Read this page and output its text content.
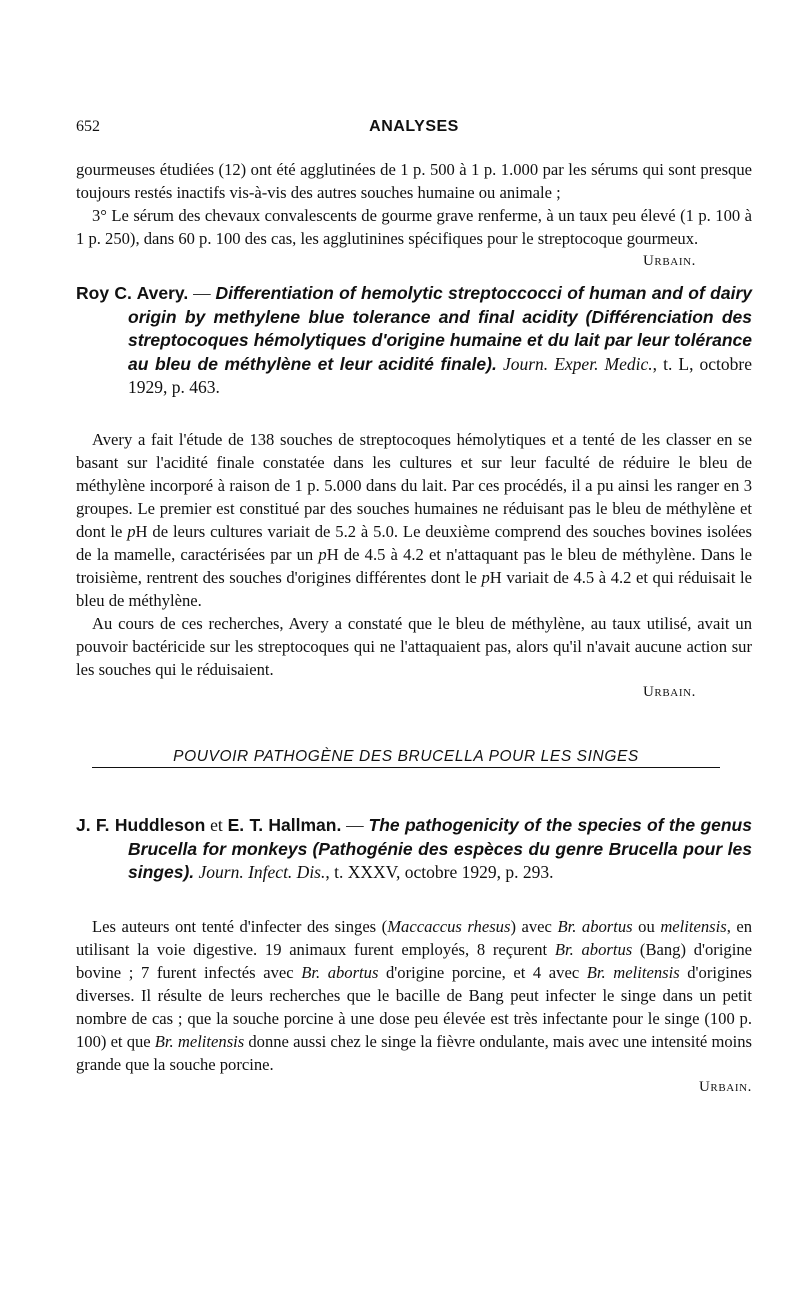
652	ANALYSES

gourmeuses étudiées (12) ont été agglutinées de 1 p. 500 à 1 p. 1.000 par les sérums qui sont presque toujours restés inactifs vis-à-vis des autres souches humaine ou animale ;

3° Le sérum des chevaux convalescents de gourme grave renferme, à un taux peu élevé (1 p. 100 à 1 p. 250), dans 60 p. 100 des cas, les agglutinines spécifiques pour le streptocoque gourmeux.
Urbain.

Roy C. Avery. — Differentiation of hemolytic streptoccocci of human and of dairy origin by methylene blue tolerance and final acidity (Différenciation des streptocoques hémolytiques d'origine humaine et du lait par leur tolérance au bleu de méthylène et leur acidité finale). Journ. Exper. Medic., t. L, octobre 1929, p. 463.

Avery a fait l'étude de 138 souches de streptocoques hémolytiques et a tenté de les classer en se basant sur l'acidité finale constatée dans les cultures et sur leur faculté de réduire le bleu de méthylène incorporé à raison de 1 p. 5.000 dans du lait. Par ces procédés, il a pu ainsi les ranger en 3 groupes. Le premier est constitué par des souches humaines ne réduisant pas le bleu de méthylène et dont le pH de leurs cultures variait de 5.2 à 5.0. Le deuxième comprend des souches bovines isolées de la mamelle, caractérisées par un pH de 4.5 à 4.2 et n'attaquant pas le bleu de méthylène. Dans le troisième, rentrent des souches d'origines différentes dont le pH variait de 4.5 à 4.2 et qui réduisait le bleu de méthylène.

Au cours de ces recherches, Avery a constaté que le bleu de méthylène, au taux utilisé, avait un pouvoir bactéricide sur les streptocoques qui ne l'attaquaient pas, alors qu'il n'avait aucune action sur les souches qui le réduisaient.

Urbain.

POUVOIR PATHOGÈNE DES BRUCELLA POUR LES SINGES

J. F. Huddleson et E. T. Hallman. — The pathogenicity of the species of the genus Brucella for monkeys (Pathogénie des espèces du genre Brucella pour les singes). Journ. Infect. Dis., t. XXXV, octobre 1929, p. 293.

Les auteurs ont tenté d'infecter des singes (Maccaccus rhesus) avec Br. abortus ou melitensis, en utilisant la voie digestive. 19 animaux furent employés, 8 reçurent Br. abortus (Bang) d'origine bovine ; 7 furent infectés avec Br. abortus d'origine porcine, et 4 avec Br. melitensis d'origines diverses. Il résulte de leurs recherches que le bacille de Bang peut infecter le singe dans un petit nombre de cas ; que la souche porcine à une dose peu élevée est très infectante pour le singe (100 p. 100) et que Br. melitensis donne aussi chez le singe la fièvre ondulante, mais avec une intensité moins grande que la souche porcine.

Urbain.
